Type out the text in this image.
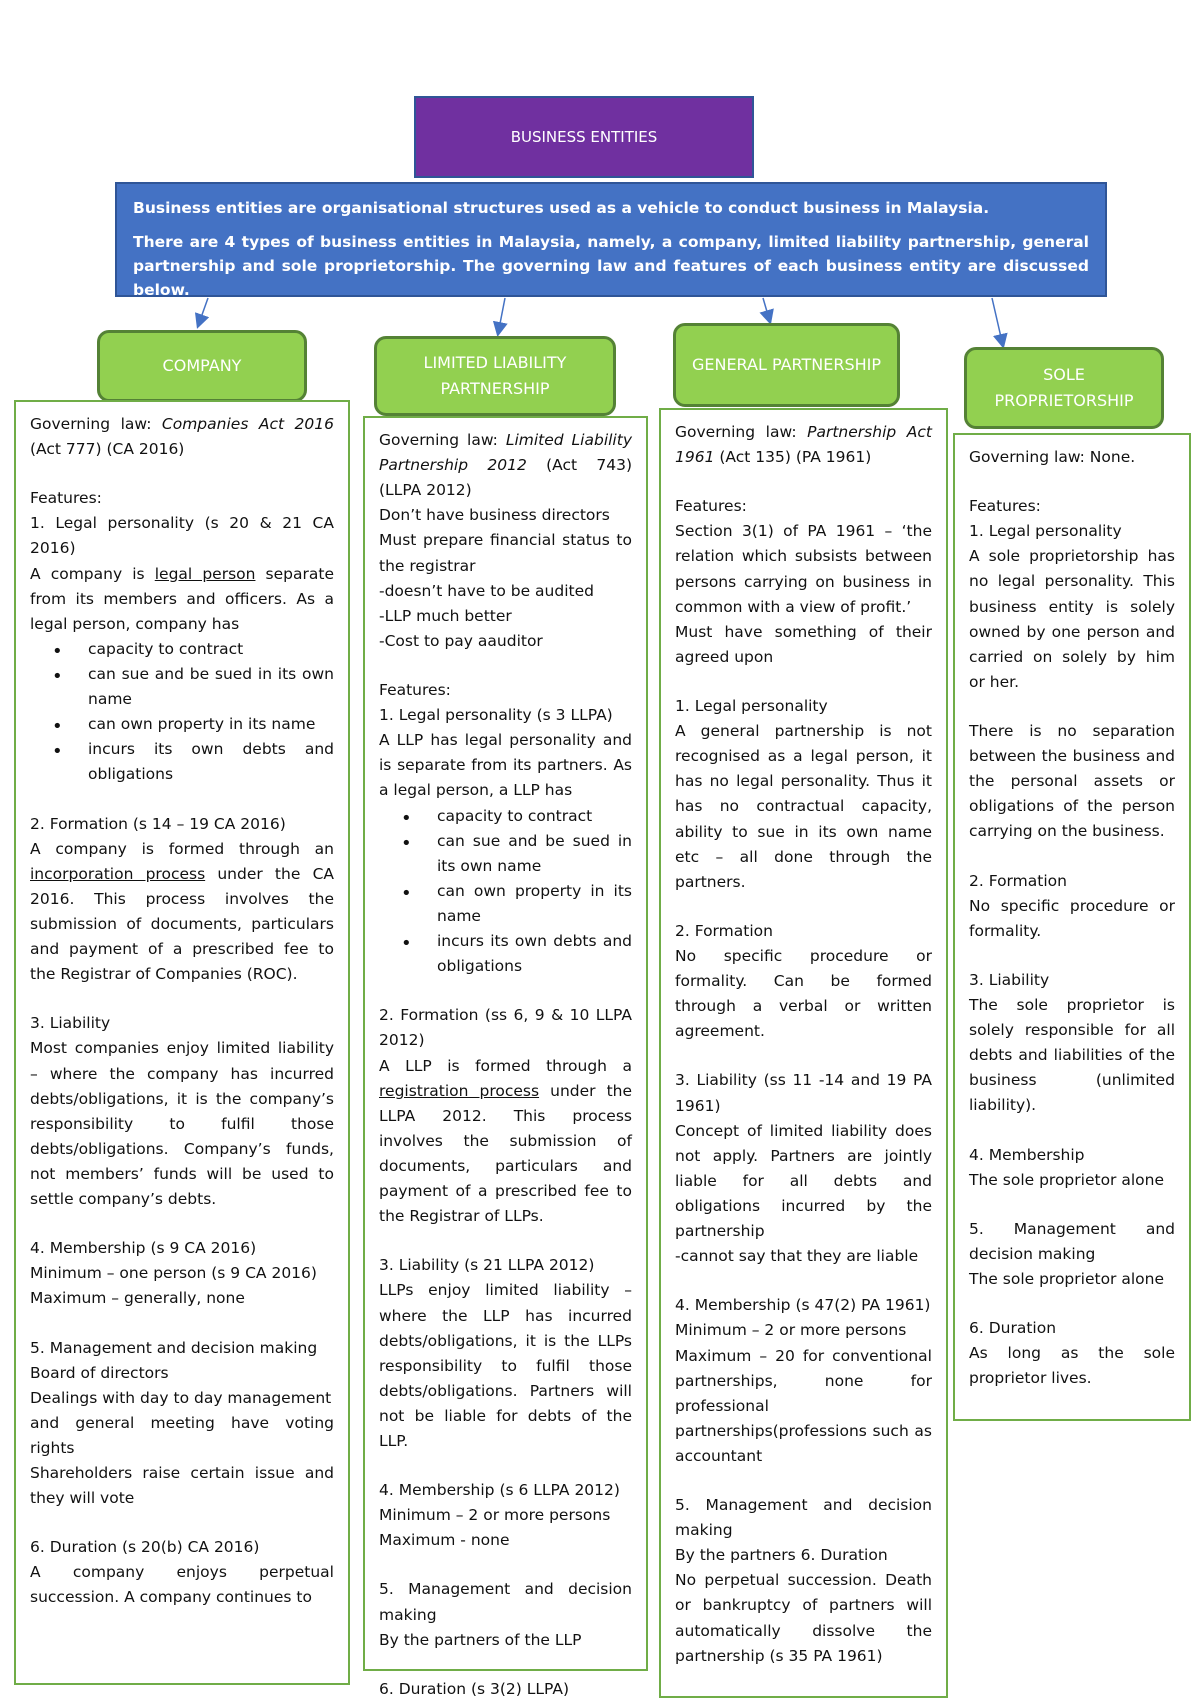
BUSINESS ENTITIES

Business entities are organisational structures used as a vehicle to conduct business in Malaysia.

There are 4 types of business entities in Malaysia, namely, a company, limited liability partnership, general partnership and sole proprietorship. The governing law and features of each business entity are discussed below.

COMPANY	LIMITED LIABILITY PARTNERSHIP
GENERAL PARTNERSHIP
SOLE PROPRIETORSHIP

Governing law: Companies Act 2016 (Act 777) (CA 2016)

Features:

1. Legal personality (s 20 & 21 CA 2016)

A company is legal person separate from its members and officers. As a legal person, company has

• capacity to contract
• can sue and be sued in its own name
• can own property in its name
• incurs its own debts and obligations

2. Formation (s 14 – 19 CA 2016)

A company is formed through an incorporation process under the CA 2016. This process involves the submission of documents, particulars and payment of a prescribed fee to the Registrar of Companies (ROC).

3. Liability

Most companies enjoy limited liability – where the company has incurred debts/obligations, it is the company’s responsibility to fulfil those debts/obligations. Company’s funds, not members’ funds will be used to settle company’s debts.

4. Membership (s 9 CA 2016)

Minimum – one person (s 9 CA 2016)

Maximum – generally, none

5. Management and decision making

Board of directors

Dealings with day to day management

and general meeting have voting rights

Shareholders raise certain issue and they will vote

6. Duration (s 20(b) CA 2016)

A company enjoys perpetual succession. A company continues to

Governing law: Limited Liability Partnership 2012 (Act 743) (LLPA 2012)

Don’t have business directors

Must prepare financial status to the registrar

-doesn’t have to be audited

-LLP much better

-Cost to pay aauditor

Features:

1. Legal personality (s 3 LLPA)

A LLP has legal personality and is separate from its partners. As a legal person, a LLP has

• capacity to contract
• can sue and be sued in its own name
• can own property in its name
• incurs its own debts and obligations

2. Formation (ss 6, 9 & 10 LLPA 2012)

A LLP is formed through a registration process under the LLPA 2012. This process involves the submission of documents, particulars and payment of a prescribed fee to the Registrar of LLPs.

3. Liability (s 21 LLPA 2012)

LLPs enjoy limited liability – where the LLP has incurred debts/obligations, it is the LLPs responsibility to fulfil those debts/obligations. Partners will not be liable for debts of the LLP.

4. Membership (s 6 LLPA 2012)

Minimum – 2 or more persons

Maximum - none

5. Management and decision making

By the partners of the LLP

6. Duration (s 3(2) LLPA)

Governing law: Partnership Act 1961 (Act 135) (PA 1961)

Features:

Section 3(1) of PA 1961 – ‘the relation which subsists between persons carrying on business in common with a view of profit.’

Must have something of their agreed upon

1. Legal personality

A general partnership is not recognised as a legal person, it has no legal personality. Thus it has no contractual capacity, ability to sue in its own name etc – all done through the partners.

2. Formation

No specific procedure or formality. Can be formed through a verbal or written agreement.

3. Liability (ss 11 -14 and 19 PA 1961)

Concept of limited liability does not apply. Partners are jointly liable for all debts and obligations incurred by the partnership

-cannot say that they are liable

4. Membership (s 47(2) PA 1961)

Minimum – 2 or more persons

Maximum – 20 for conventional partnerships, none for professional partnerships(professions such as accountant

5. Management and decision making

By the partners 6. Duration

No perpetual succession. Death or bankruptcy of partners will automatically dissolve the partnership (s 35 PA 1961)

Governing law: None.

Features:

1. Legal personality

A sole proprietorship has no legal personality. This business entity is solely owned by one person and carried on solely by him or her.

There is no separation between the business and the personal assets or obligations of the person carrying on the business.

2. Formation

No specific procedure or formality.

3. Liability

The sole proprietor is solely responsible for all debts and liabilities of the business (unlimited liability).

4. Membership

The sole proprietor alone

5. Management and decision making

The sole proprietor alone

6. Duration

As long as the sole proprietor lives.
